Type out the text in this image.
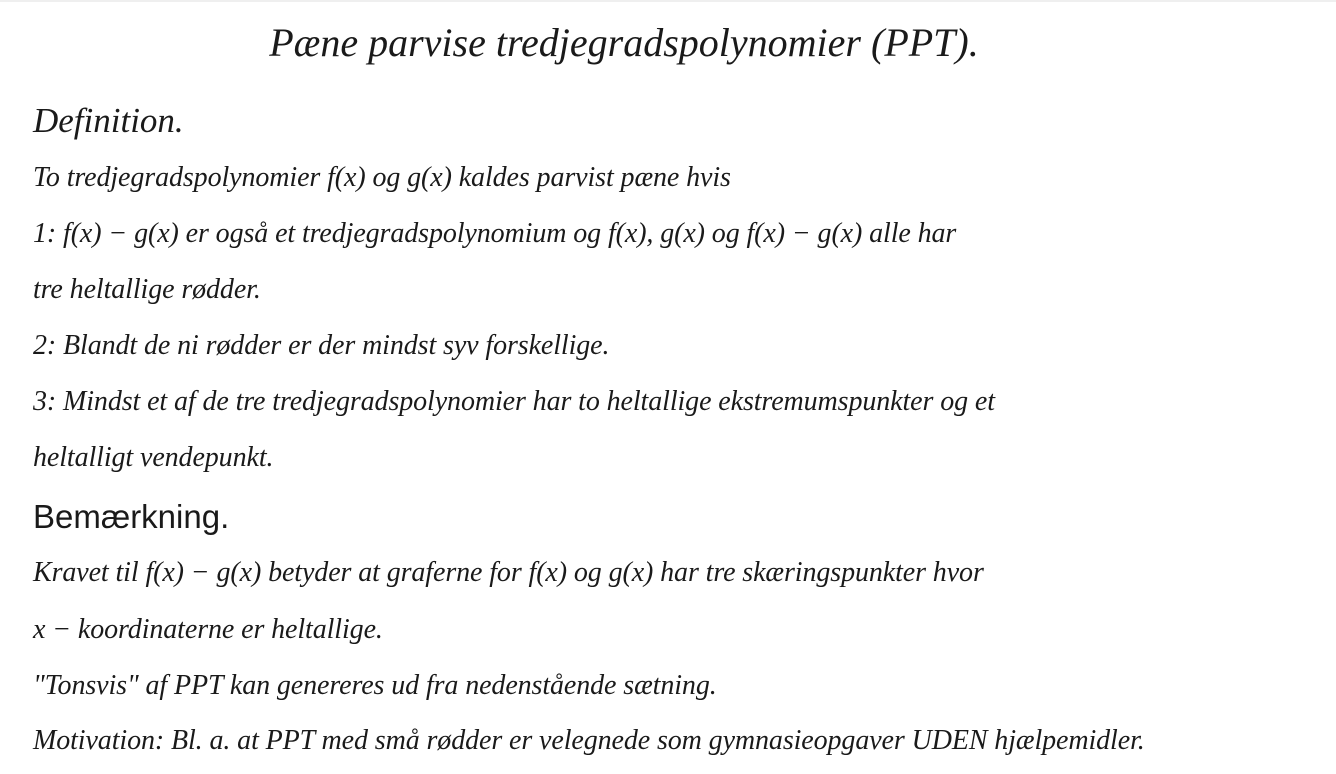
Pæne parvise tredjegradspolynomier (PPT).
Definition.
To tredjegradspolynomier f(x) og g(x) kaldes parvist pæne hvis
1: f(x) − g(x) er også et tredjegradspolynomium og f(x), g(x) og f(x) − g(x) alle har
tre heltallige rødder.
2: Blandt de ni rødder er der mindst syv forskellige.
3: Mindst et af de tre tredjegradspolynomier har to heltallige ekstremumspunkter og et
heltalligt vendepunkt.
Bemærkning.
Kravet til f(x) − g(x) betyder at graferne for f(x) og g(x) har tre skæringspunkter hvor
x − koordinaterne er heltallige.
"Tonsvis" af PPT kan genereres ud fra nedenstående sætning.
Motivation: Bl. a. at PPT med små rødder er velegnede som gymnasieopgaver UDEN hjælpemidler.
